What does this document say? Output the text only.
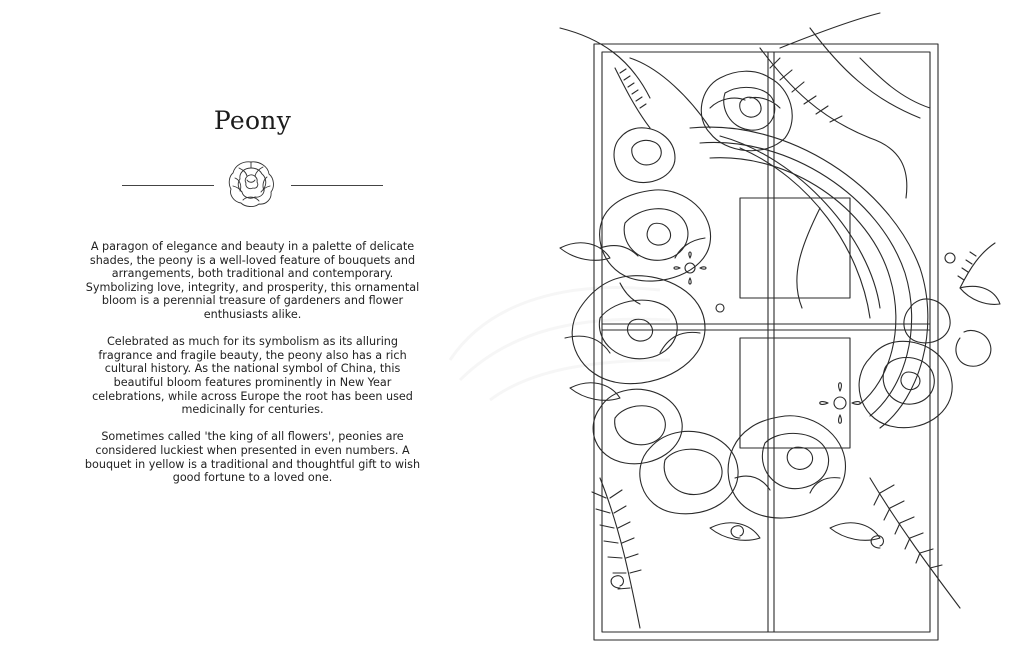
Peony

A paragon of elegance and beauty in a palette of delicate shades, the peony is a well-loved feature of bouquets and arrangements, both traditional and contemporary. Symbolizing love, integrity, and prosperity, this ornamental bloom is a perennial treasure of gardeners and flower enthusiasts alike.

Celebrated as much for its symbolism as its alluring fragrance and fragile beauty, the peony also has a rich cultural history. As the national symbol of China, this beautiful bloom features prominently in New Year celebrations, while across Europe the root has been used medicinally for centuries.

Sometimes called 'the king of all flowers', peonies are considered luckiest when presented in even numbers. A bouquet in yellow is a traditional and thoughtful gift to wish good fortune to a loved one.
